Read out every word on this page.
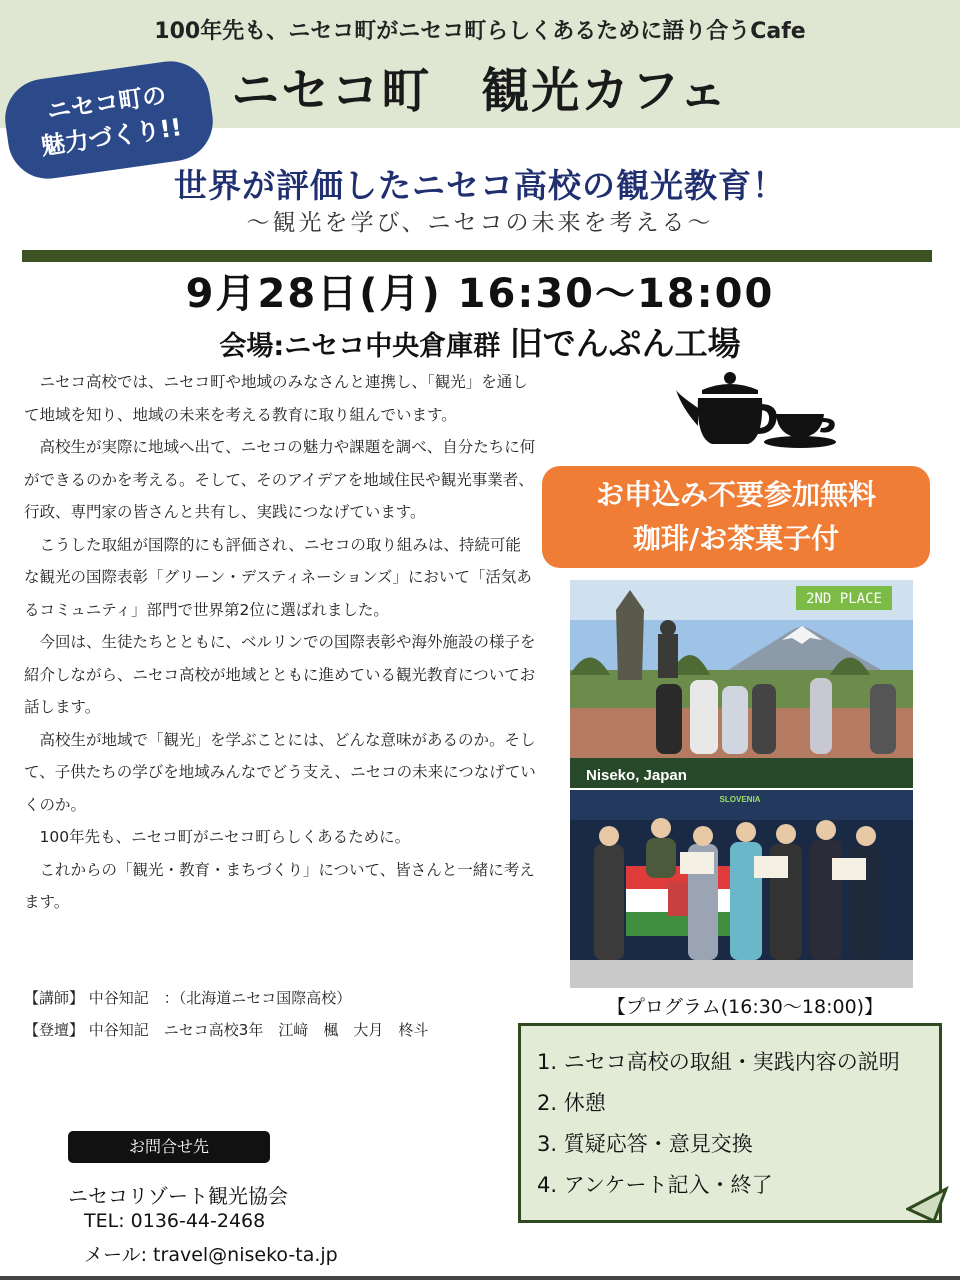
100年先も、ニセコ町がニセコ町らしくあるために語り合うCafe
ニセコ町　観光カフェ
ニセコ町の
魅力づくり!!
世界が評価したニセコ高校の観光教育！
〜観光を学び、ニセコの未来を考える〜
9月28日(月) 16:30〜18:00
会場:ニセコ中央倉庫群 旧でんぷん工場

ニセコ高校では、ニセコ町や地域のみなさんと連携し、「観光」を通して地域を知り、地域の未来を考える教育に取り組んでいます。

高校生が実際に地域へ出て、ニセコの魅力や課題を調べ、自分たちに何ができるのかを考える。そして、そのアイデアを地域住民や観光事業者、行政、専門家の皆さんと共有し、実践につなげています。

こうした取組が国際的にも評価され、ニセコの取り組みは、持続可能な観光の国際表彰「グリーン・デスティネーションズ」において「活気あるコミュニティ」部門で世界第2位に選ばれました。

今回は、生徒たちとともに、ベルリンでの国際表彰や海外施設の様子を紹介しながら、ニセコ高校が地域とともに進めている観光教育についてお話します。

高校生が地域で「観光」を学ぶことには、どんな意味があるのか。そして、子供たちの学びを地域みんなでどう支え、ニセコの未来につなげていくのか。

100年先も、ニセコ町がニセコ町らしくあるために。

これからの「観光・教育・まちづくり」について、皆さんと一緒に考えます。

【講師】 中谷知記　：（北海道ニセコ国際高校）
【登壇】 中谷知記　ニセコ高校3年　江﨑　楓　大月　柊斗
お問合せ先
ニセコリゾート観光協会
TEL: 0136-44-2468
メール: travel@niseko-ta.jp
お申込み不要参加無料
珈琲/お茶菓子付
2ND PLACE
Niseko, Japan
SLOVENIA
【プログラム(16:30〜18:00)】
1. ニセコ高校の取組・実践内容の説明
2. 休憩
3. 質疑応答・意見交換
4. アンケート記入・終了
